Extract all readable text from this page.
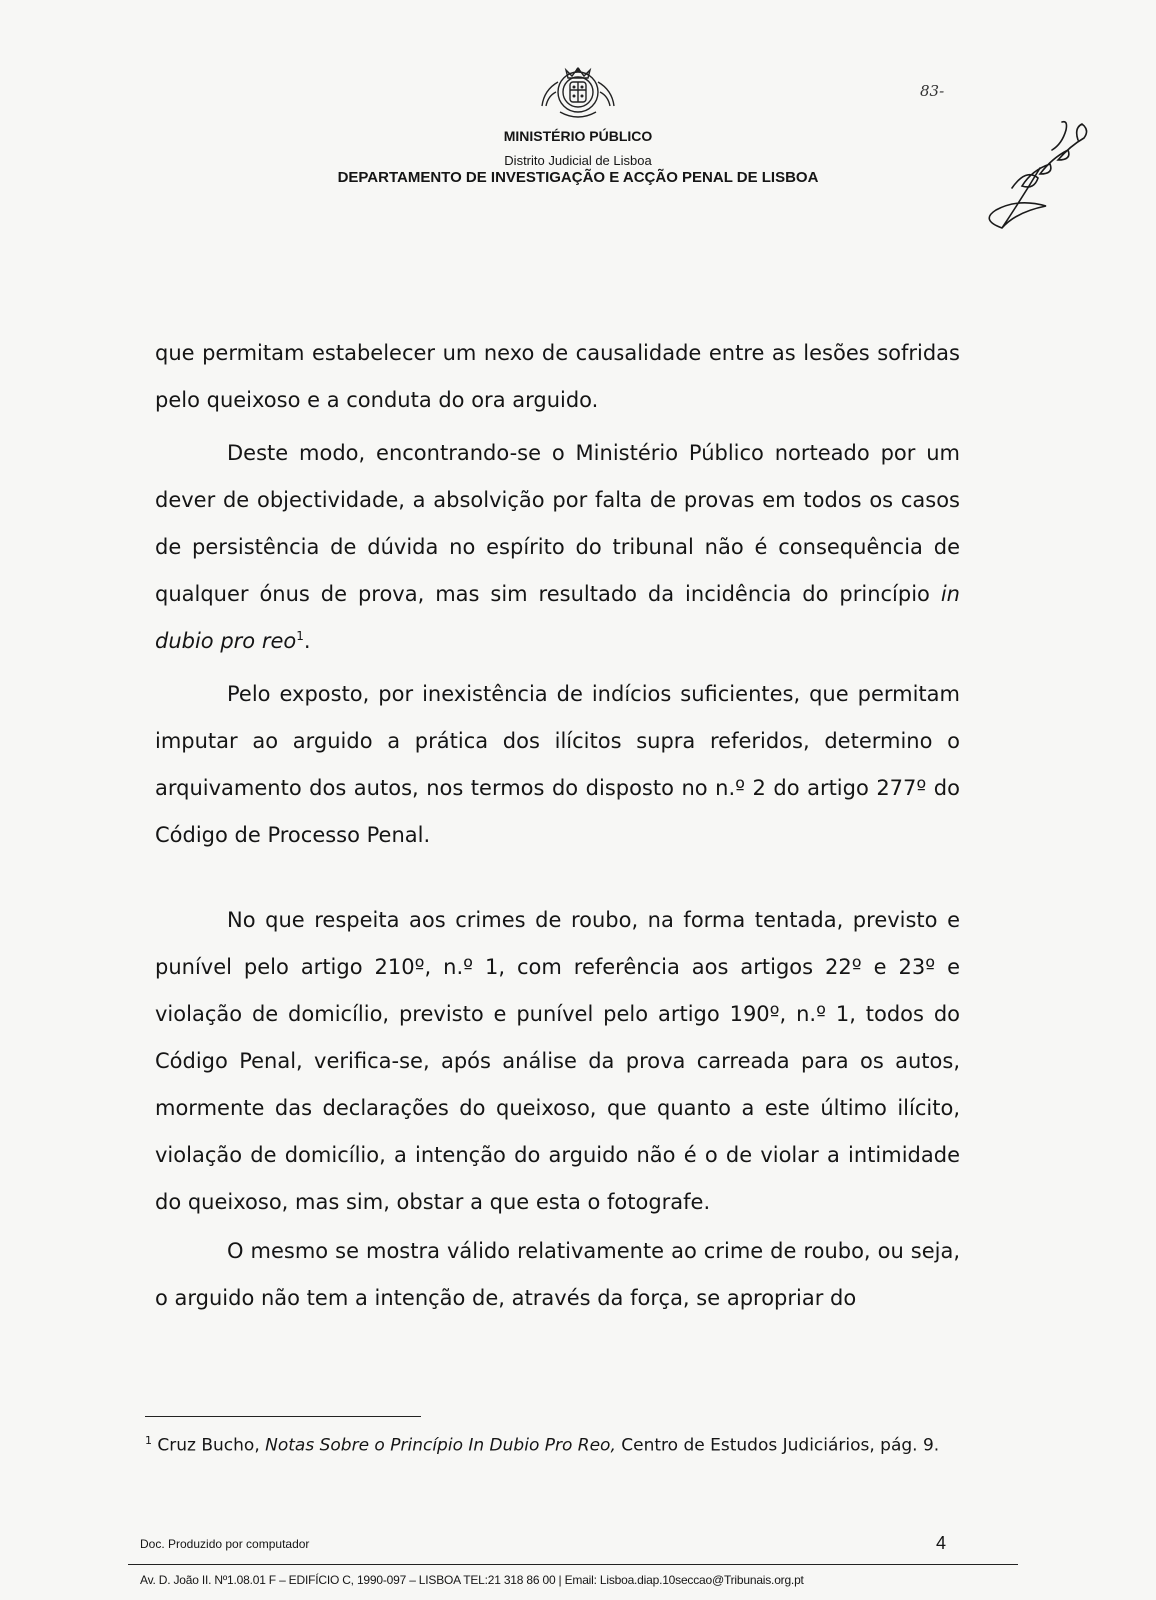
MINISTÉRIO PÚBLICO
Distrito Judicial de Lisboa
DEPARTAMENTO DE INVESTIGAÇÃO E ACÇÃO PENAL DE LISBOA
83-

que permitam estabelecer um nexo de causalidade entre as lesões sofridas pelo queixoso e a conduta do ora arguido.

Deste modo, encontrando-se o Ministério Público norteado por um dever de objectividade, a absolvição por falta de provas em todos os casos de persistência de dúvida no espírito do tribunal não é consequência de qualquer ónus de prova, mas sim resultado da incidência do princípio in dubio pro reo$^1$.

Pelo exposto, por inexistência de indícios suficientes, que permitam imputar ao arguido a prática dos ilícitos supra referidos, determino o arquivamento dos autos, nos termos do disposto no n.º 2 do artigo 277º do Código de Processo Penal.

No que respeita aos crimes de roubo, na forma tentada, previsto e punível pelo artigo 210º, n.º 1, com referência aos artigos 22º e 23º e violação de domicílio, previsto e punível pelo artigo 190º, n.º 1, todos do Código Penal, verifica-se, após análise da prova carreada para os autos, mormente das declarações do queixoso, que quanto a este último ilícito, violação de domicílio, a intenção do arguido não é o de violar a intimidade do queixoso, mas sim, obstar a que esta o fotografe.

O mesmo se mostra válido relativamente ao crime de roubo, ou seja, o arguido não tem a intenção de, através da força, se apropriar do

$^1$ Cruz Bucho, Notas Sobre o Princípio In Dubio Pro Reo, Centro de Estudos Judiciários, pág. 9.
Doc. Produzido por computador	4
Av. D. João II. Nº1.08.01 F – EDIFÍCIO C, 1990-097 – LISBOA TEL:21 318 86 00 | Email: Lisboa.diap.10seccao@Tribunais.org.pt
